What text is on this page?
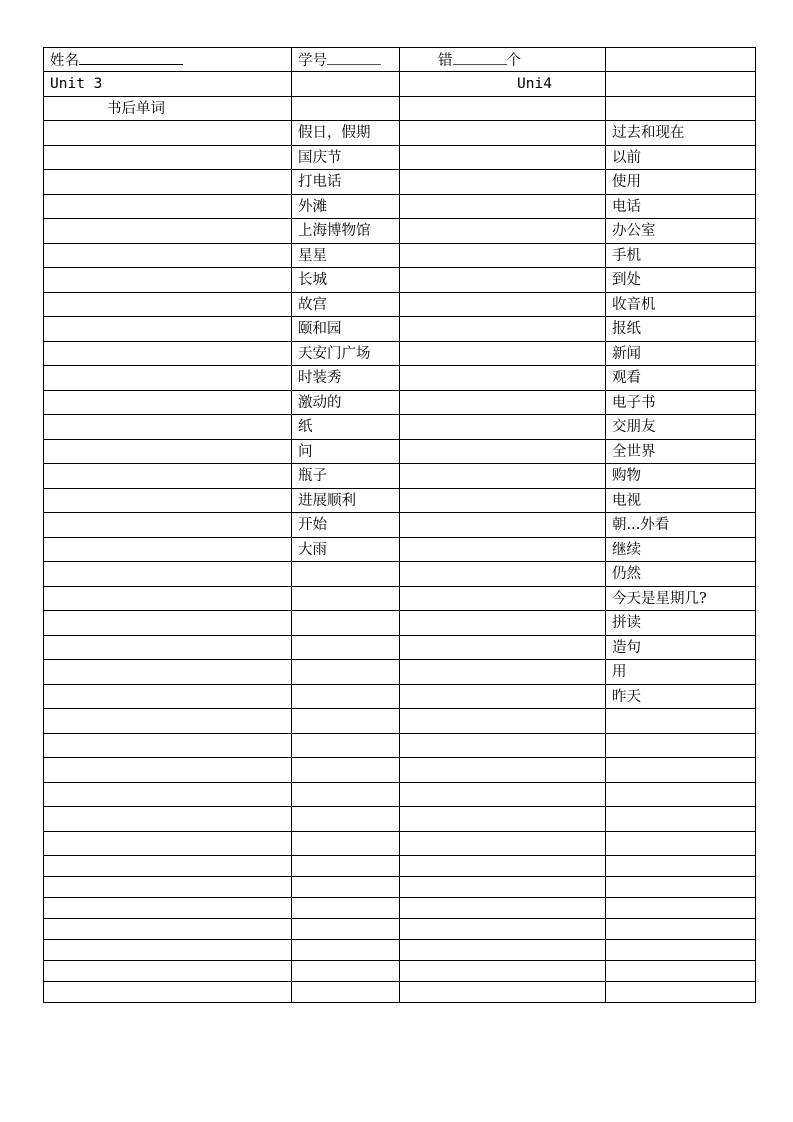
姓名	学号	错 个	
Unit 3		Uni4	
书后单词			
	假日，假期		过去和现在
	国庆节		以前
	打电话		使用
	外滩		电话
	上海博物馆		办公室
	星星		手机
	长城		到处
	故宫		收音机
	颐和园		报纸
	天安门广场		新闻
	时装秀		观看
	激动的		电子书
	纸		交朋友
	问		全世界
	瓶子		购物
	进展顺利		电视
	开始		朝...外看
	大雨		继续
			仍然
			今天是星期几?
			拼读
			造句
			用
			昨天
